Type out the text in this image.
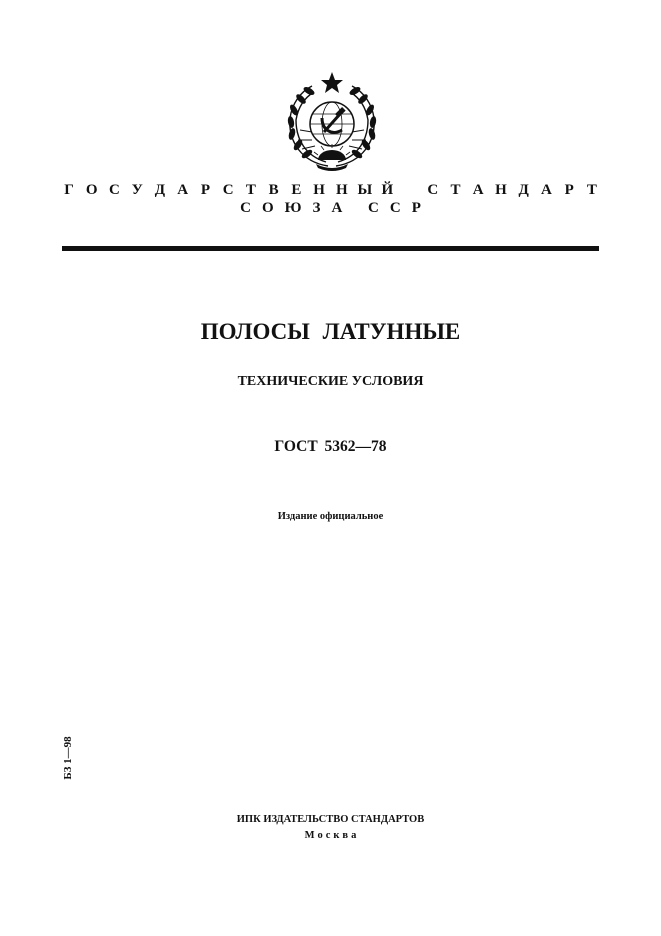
Г О С У Д А Р С Т В Е Н Н Ы Й С Т А Н Д А Р Т
СОЮЗА ССР
ПОЛОСЫ ЛАТУННЫЕ
ТЕХНИЧЕСКИЕ УСЛОВИЯ
ГОСТ 5362—78
Издание официальное
БЗ 1—98
ИПК ИЗДАТЕЛЬСТВО СТАНДАРТОВ
Москва
